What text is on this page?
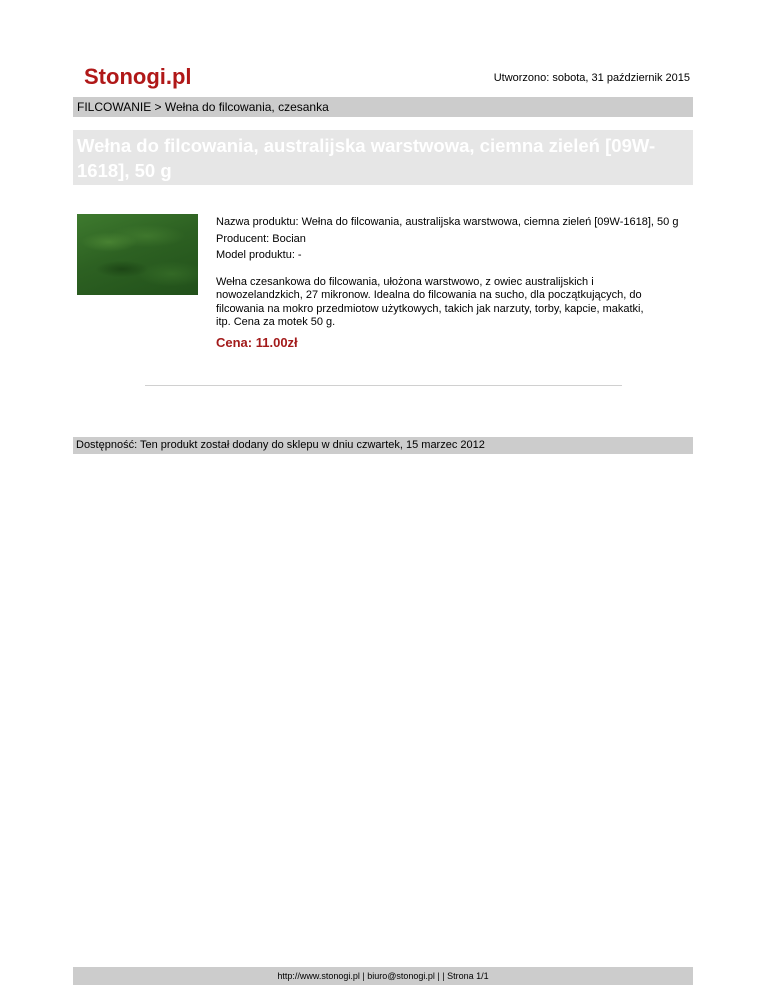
Stonogi.pl	Utworzono: sobota, 31 październik 2015
FILCOWANIE > Wełna do filcowania, czesanka
Wełna do filcowania, australijska warstwowa, ciemna zieleń [09W-1618], 50 g
Nazwa produktu: Wełna do filcowania, australijska warstwowa, ciemna zieleń [09W-1618], 50 g
Producent: Bocian
Model produktu: -
Wełna czesankowa do filcowania, ułożona warstwowo, z owiec australijskich i nowozelandzkich, 27 mikronow. Idealna do filcowania na sucho, dla początkujących, do filcowania na mokro przedmiotow użytkowych, takich jak narzuty, torby, kapcie, makatki, itp. Cena za motek 50 g.
Cena: 11.00zł
Dostępność: Ten produkt został dodany do sklepu w dniu czwartek, 15 marzec 2012
http://www.stonogi.pl | biuro@stonogi.pl | | Strona 1/1
